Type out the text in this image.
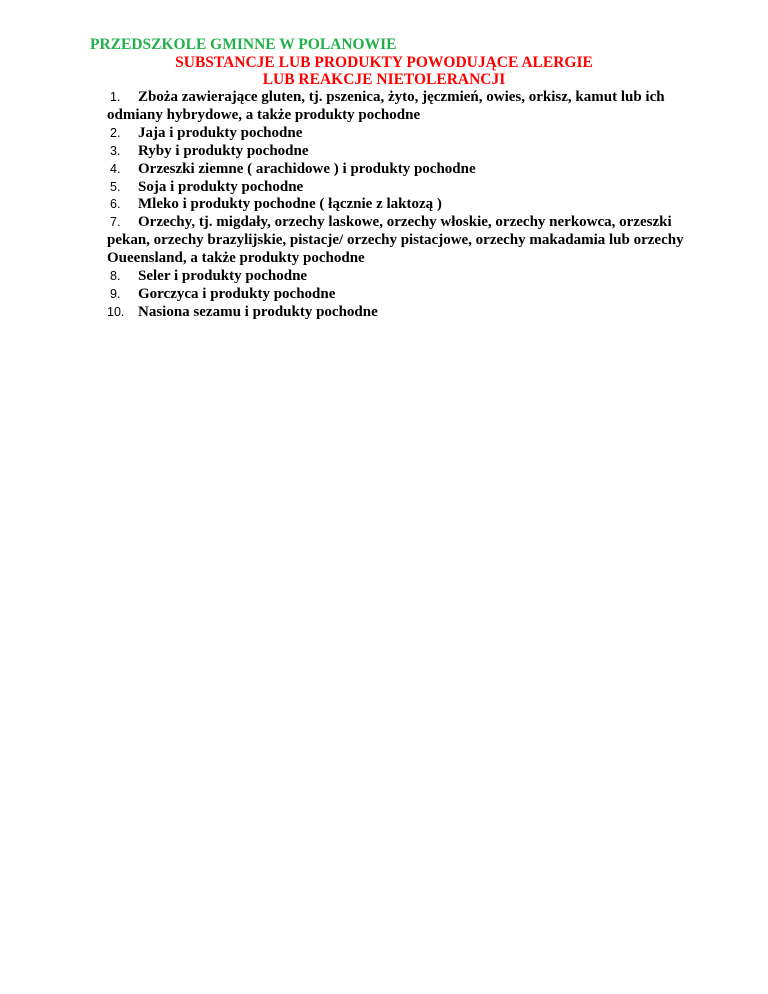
PRZEDSZKOLE GMINNE W POLANOWIE
SUBSTANCJE LUB PRODUKTY POWODUJĄCE ALERGIE
LUB REAKCJE NIETOLERANCJI

1. Zboża zawierające gluten, tj. pszenica, żyto, jęczmień, owies, orkisz, kamut lub ich odmiany hybrydowe, a także produkty pochodne

2. Jaja i produkty pochodne

3. Ryby i produkty pochodne

4. Orzeszki ziemne ( arachidowe ) i produkty pochodne

5. Soja i produkty pochodne

6. Mleko i produkty pochodne ( łącznie z laktozą )

7. Orzechy, tj. migdały, orzechy laskowe, orzechy włoskie, orzechy nerkowca, orzeszki pekan, orzechy brazylijskie, pistacje/ orzechy pistacjowe, orzechy makadamia lub orzechy Oueensland, a także produkty pochodne

8. Seler i produkty pochodne

9. Gorczyca i produkty pochodne

10. Nasiona sezamu i produkty pochodne
